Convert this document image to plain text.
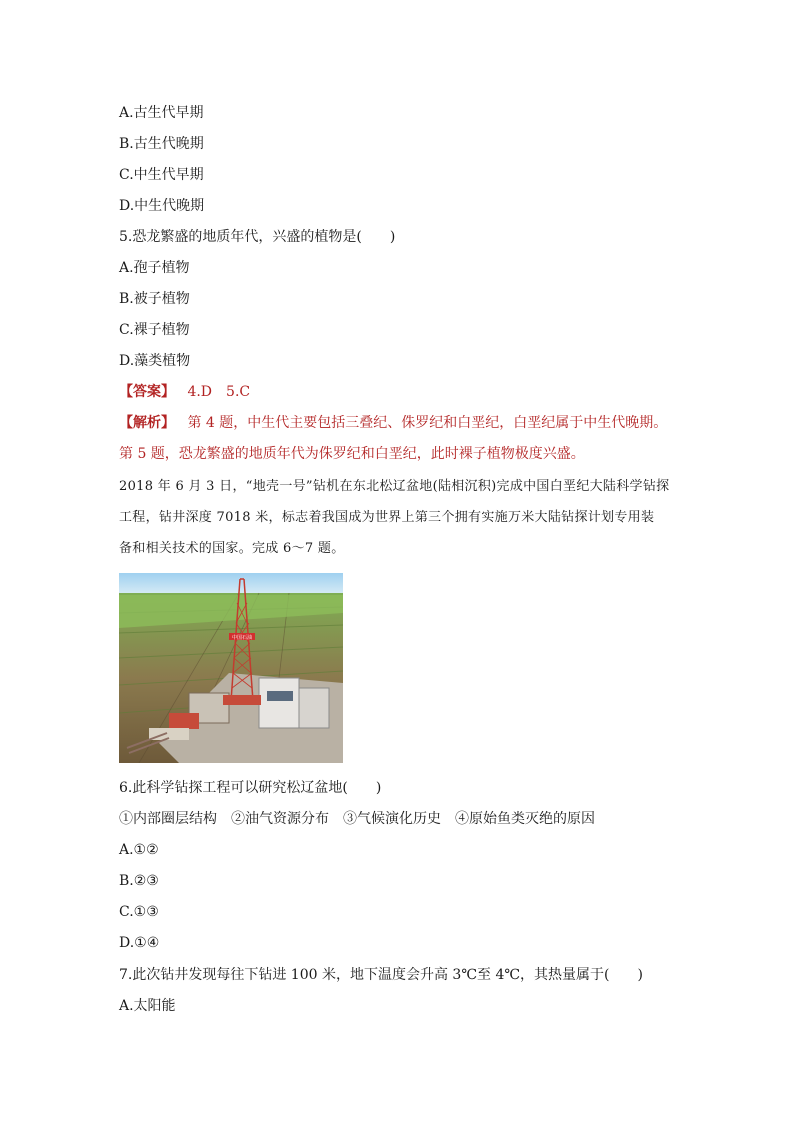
A.古生代早期
B.古生代晚期
C.中生代早期
D.中生代晚期
5.恐龙繁盛的地质年代，兴盛的植物是(　　)
A.孢子植物
B.被子植物
C.裸子植物
D.藻类植物
【答案】 4.D　5.C
【解析】 第 4 题，中生代主要包括三叠纪、侏罗纪和白垩纪，白垩纪属于中生代晚期。
第 5 题，恐龙繁盛的地质年代为侏罗纪和白垩纪，此时裸子植物极度兴盛。
2018 年 6 月 3 日，“地壳一号”钻机在东北松辽盆地(陆相沉积)完成中国白垩纪大陆科学钻探
工程，钻井深度 7018 米，标志着我国成为世界上第三个拥有实施万米大陆钻探计划专用装
备和相关技术的国家。完成 6～7 题。
中国石油
6.此科学钻探工程可以研究松辽盆地(　　)
①内部圈层结构　②油气资源分布　③气候演化历史　④原始鱼类灭绝的原因
A.①②
B.②③
C.①③
D.①④
7.此次钻井发现每往下钻进 100 米，地下温度会升高 3℃至 4℃，其热量属于(　　)
A.太阳能
